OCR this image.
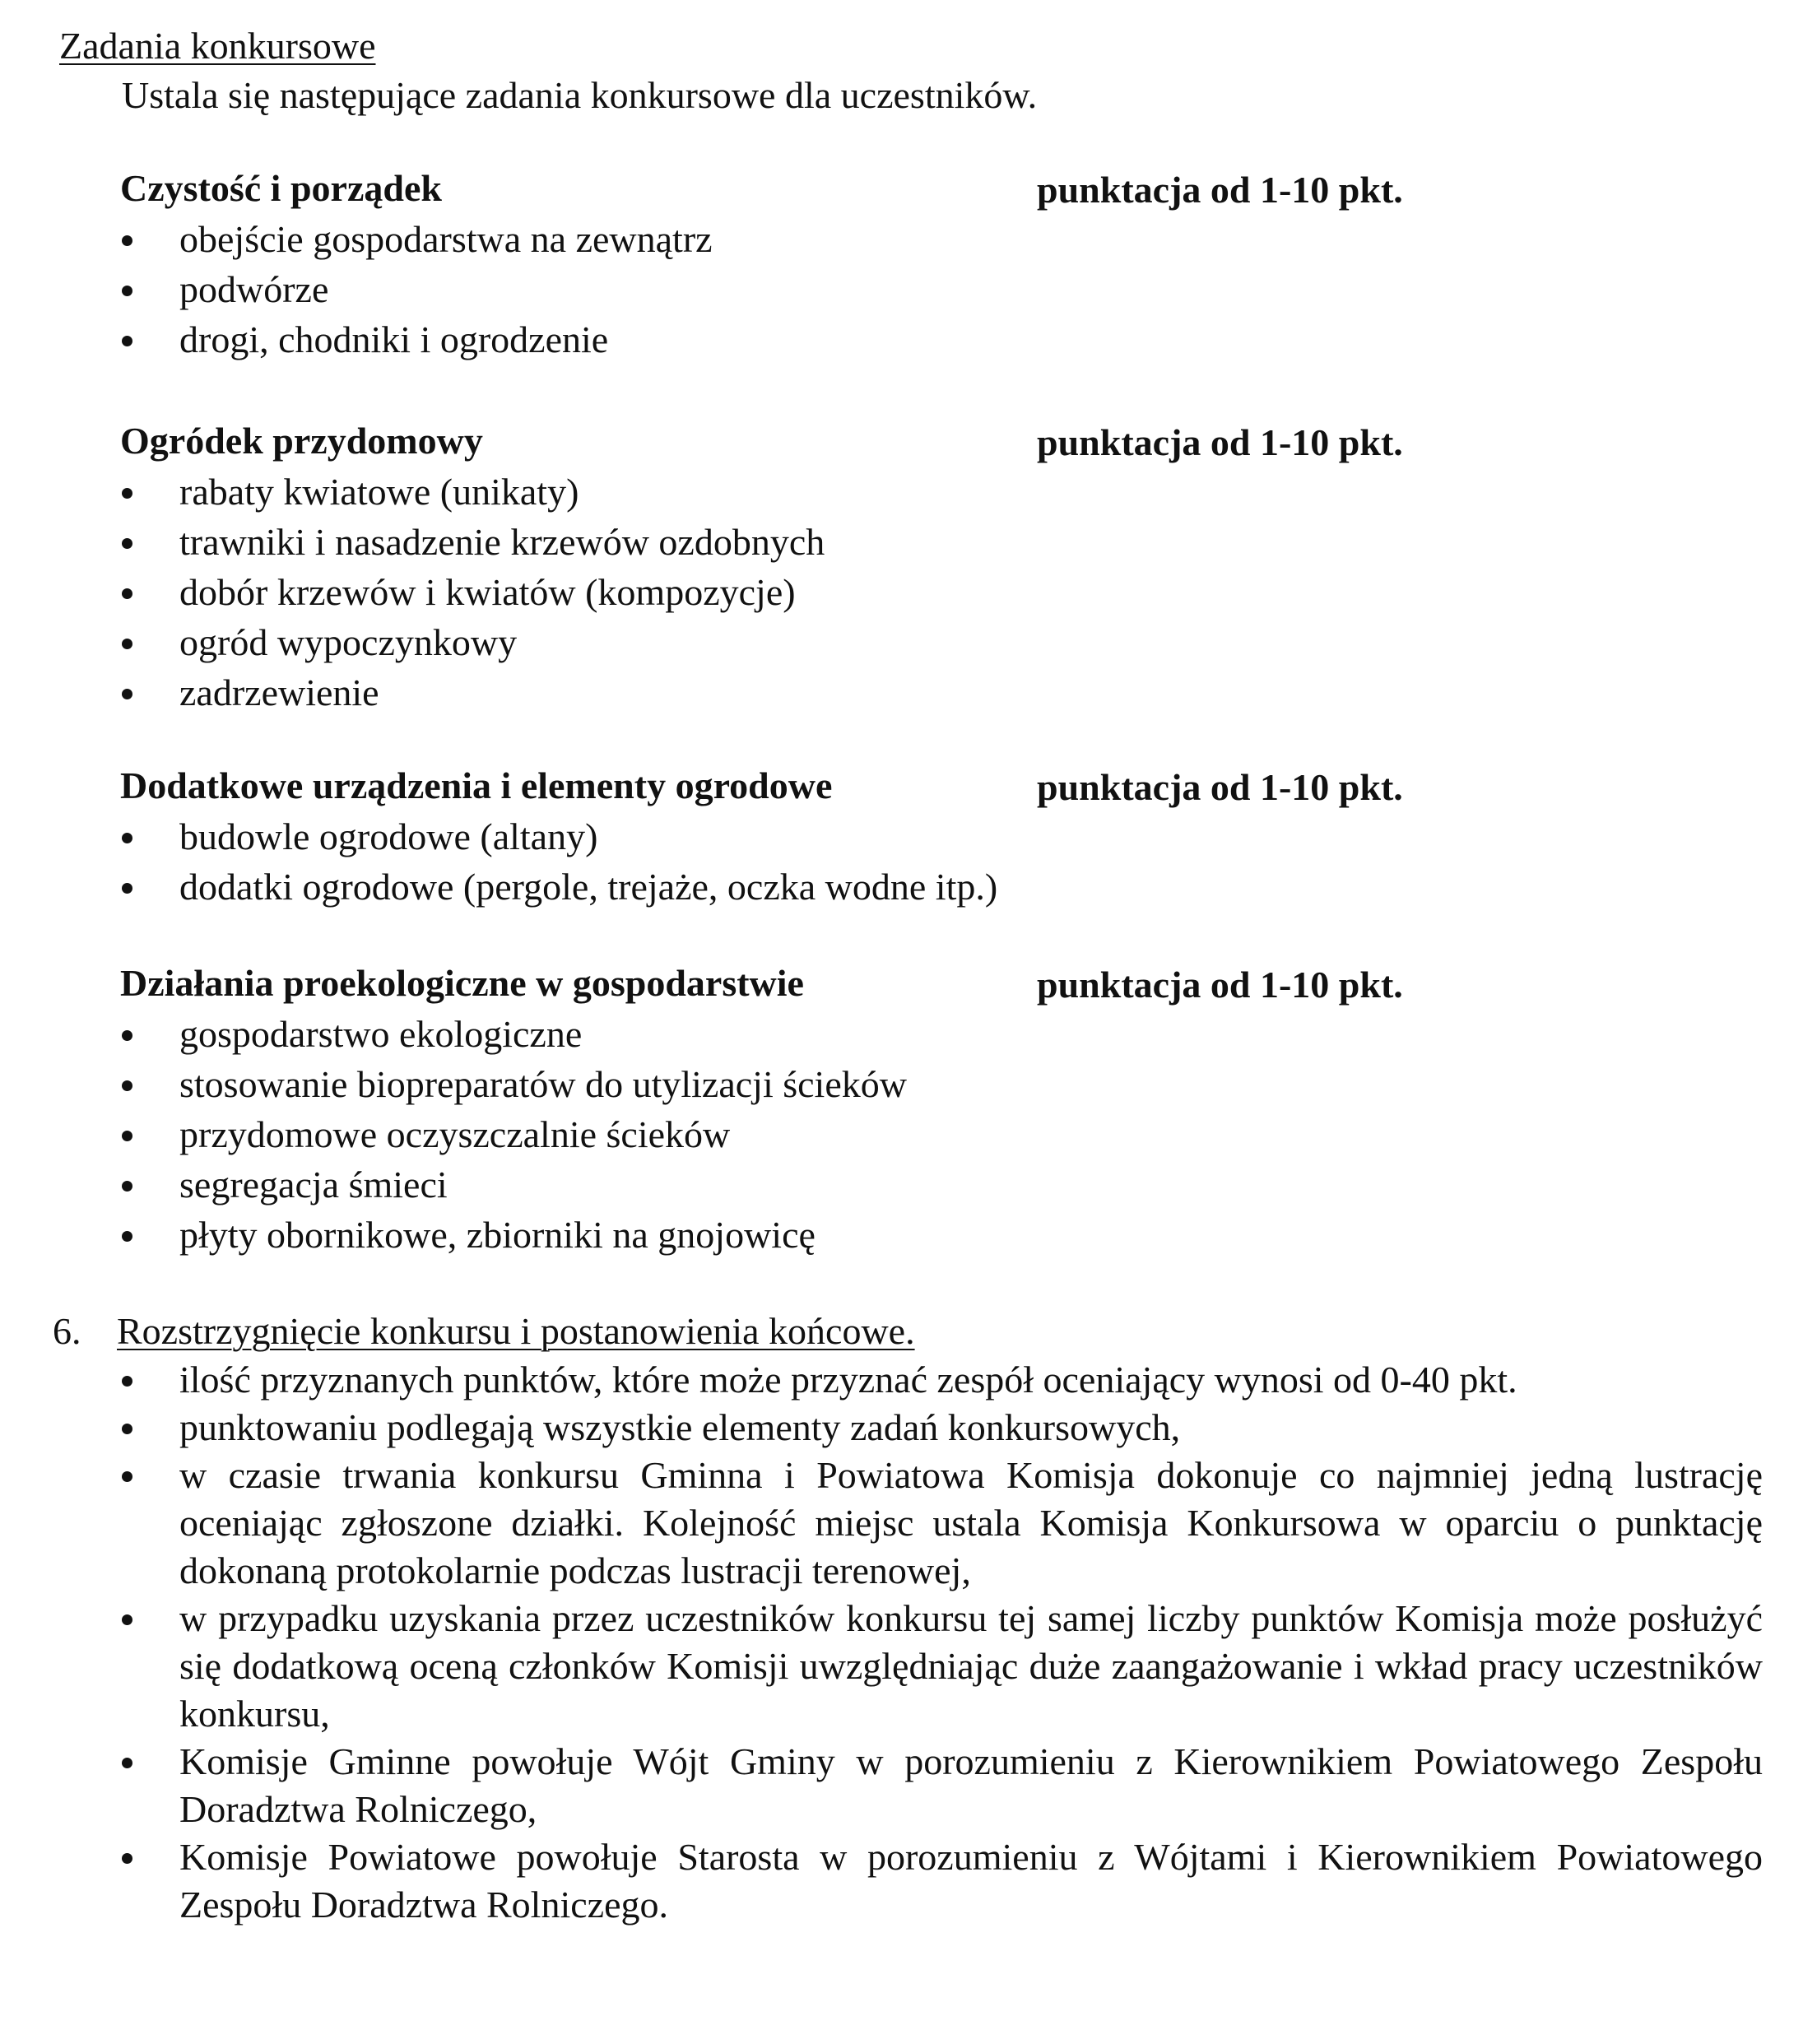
Zadania konkursowe
Ustala się następujące zadania konkursowe dla uczestników.
Czystość i porządek	punktacja od 1-10 pkt.
obejście gospodarstwa na zewnątrz
podwórze
drogi, chodniki i ogrodzenie
Ogródek przydomowy	punktacja od 1-10 pkt.
rabaty kwiatowe (unikaty)
trawniki i nasadzenie krzewów ozdobnych
dobór krzewów i kwiatów (kompozycje)
ogród wypoczynkowy
zadrzewienie
Dodatkowe urządzenia i elementy ogrodowe	punktacja od 1-10 pkt.
budowle ogrodowe (altany)
dodatki ogrodowe (pergole, trejaże, oczka wodne itp.)
Działania proekologiczne w gospodarstwie	punktacja od 1-10 pkt.
gospodarstwo ekologiczne
stosowanie biopreparatów do utylizacji ścieków
przydomowe oczyszczalnie ścieków
segregacja śmieci
płyty obornikowe, zbiorniki na gnojowicę
6. Rozstrzygnięcie konkursu i postanowienia końcowe.
ilość przyznanych punktów, które może przyznać zespół oceniający wynosi od 0-40 pkt.
punktowaniu podlegają wszystkie elementy zadań konkursowych,
w czasie trwania konkursu Gminna i Powiatowa Komisja dokonuje co najmniej jedną lustrację oceniając zgłoszone działki. Kolejność miejsc ustala Komisja Konkursowa w oparciu o punktację dokonaną protokolarnie podczas lustracji terenowej,
w przypadku uzyskania przez uczestników konkursu tej samej liczby punktów Komisja może posłużyć się dodatkową oceną członków Komisji uwzględniając duże zaangażowanie i wkład pracy uczestników konkursu,
Komisje Gminne powołuje Wójt Gminy w porozumieniu z Kierownikiem Powiatowego Zespołu Doradztwa Rolniczego,
Komisje Powiatowe powołuje Starosta w porozumieniu z Wójtami i Kierownikiem Powiatowego Zespołu Doradztwa Rolniczego.
